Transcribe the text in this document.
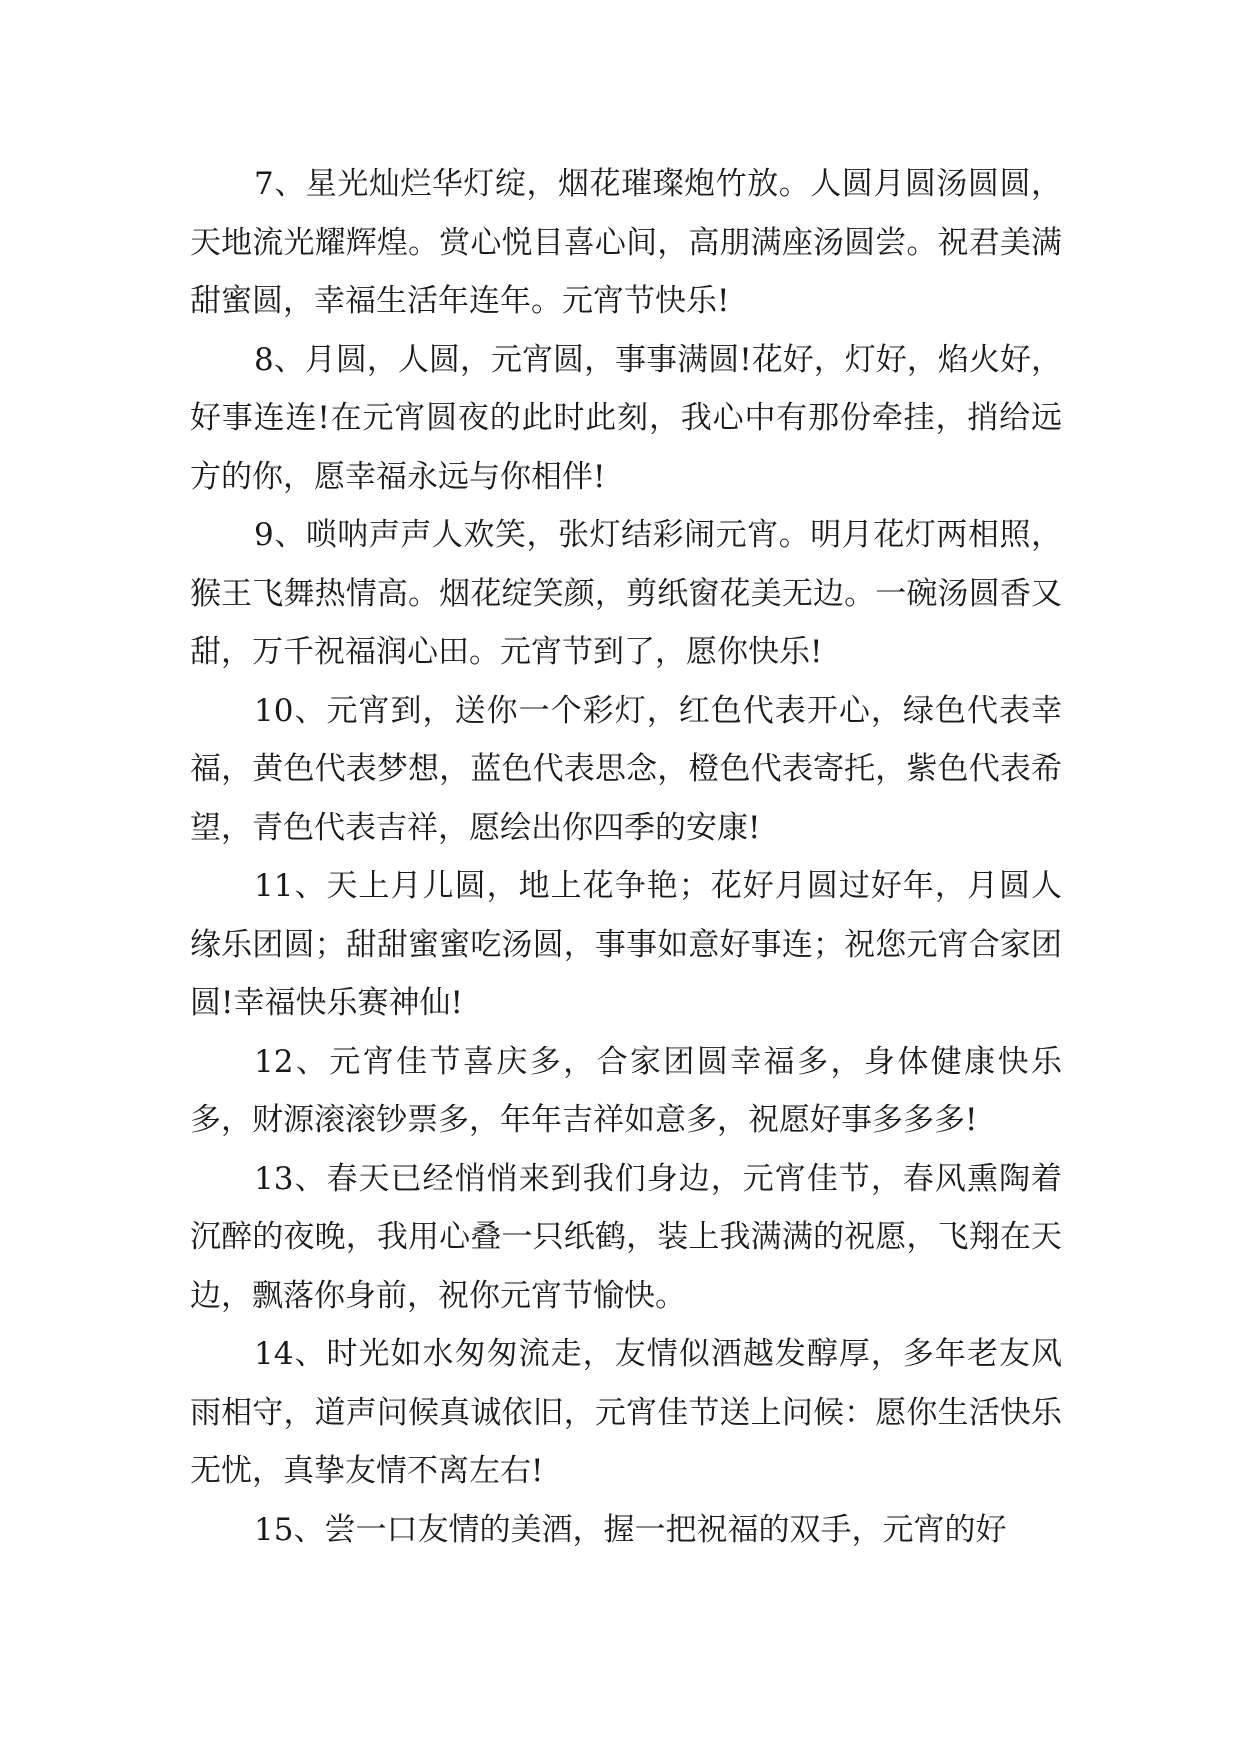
7、星光灿烂华灯绽，烟花璀璨炮竹放。人圆月圆汤圆圆，天地流光耀辉煌。赏心悦目喜心间，高朋满座汤圆尝。祝君美满甜蜜圆，幸福生活年连年。元宵节快乐!

8、月圆，人圆，元宵圆，事事满圆!花好，灯好，焰火好，好事连连!在元宵圆夜的此时此刻，我心中有那份牵挂，捎给远方的你，愿幸福永远与你相伴!

9、唢呐声声人欢笑，张灯结彩闹元宵。明月花灯两相照，猴王飞舞热情高。烟花绽笑颜，剪纸窗花美无边。一碗汤圆香又甜，万千祝福润心田。元宵节到了，愿你快乐!

10、元宵到，送你一个彩灯，红色代表开心，绿色代表幸福，黄色代表梦想，蓝色代表思念，橙色代表寄托，紫色代表希望，青色代表吉祥，愿绘出你四季的安康!

11、天上月儿圆，地上花争艳；花好月圆过好年，月圆人缘乐团圆；甜甜蜜蜜吃汤圆，事事如意好事连；祝您元宵合家团圆!幸福快乐赛神仙!

12、元宵佳节喜庆多，合家团圆幸福多，身体健康快乐多，财源滚滚钞票多，年年吉祥如意多，祝愿好事多多多!

13、春天已经悄悄来到我们身边，元宵佳节，春风熏陶着沉醉的夜晚，我用心叠一只纸鹤，装上我满满的祝愿，飞翔在天边，飘落你身前，祝你元宵节愉快。

14、时光如水匆匆流走，友情似酒越发醇厚，多年老友风雨相守，道声问候真诚依旧，元宵佳节送上问候：愿你生活快乐无忧，真挚友情不离左右!

15、尝一口友情的美酒，握一把祝福的双手，元宵的好
